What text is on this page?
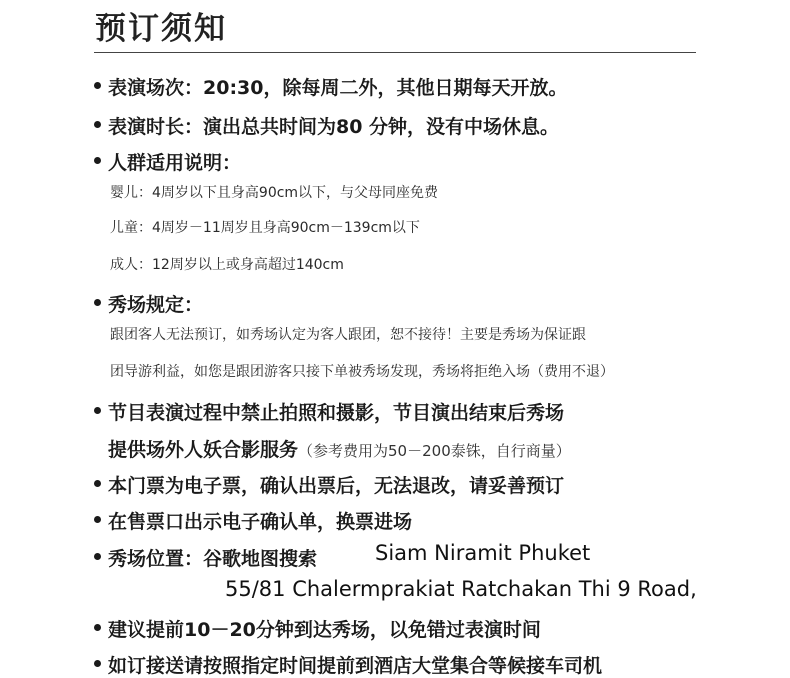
预订须知
表演场次：20:30，除每周二外，其他日期每天开放。
表演时长：演出总共时间为80 分钟，没有中场休息。
人群适用说明：
婴儿：4周岁以下且身高90cm以下，与父母同座免费
儿童：4周岁－11周岁且身高90cm－139cm以下
成人：12周岁以上或身高超过140cm
秀场规定：
跟团客人无法预订，如秀场认定为客人跟团，恕不接待！主要是秀场为保证跟
团导游利益，如您是跟团游客只接下单被秀场发现，秀场将拒绝入场（费用不退）
节目表演过程中禁止拍照和摄影，节目演出结束后秀场
提供场外人妖合影服务（参考费用为50－200泰铢，自行商量）
本门票为电子票，确认出票后，无法退改，请妥善预订
在售票口出示电子确认单，换票进场
秀场位置：谷歌地图搜索	Siam Niramit Phuket
55/81 Chalermprakiat Ratchakan Thi 9 Road,
建议提前10－20分钟到达秀场，以免错过表演时间
如订接送请按照指定时间提前到酒店大堂集合等候接车司机
